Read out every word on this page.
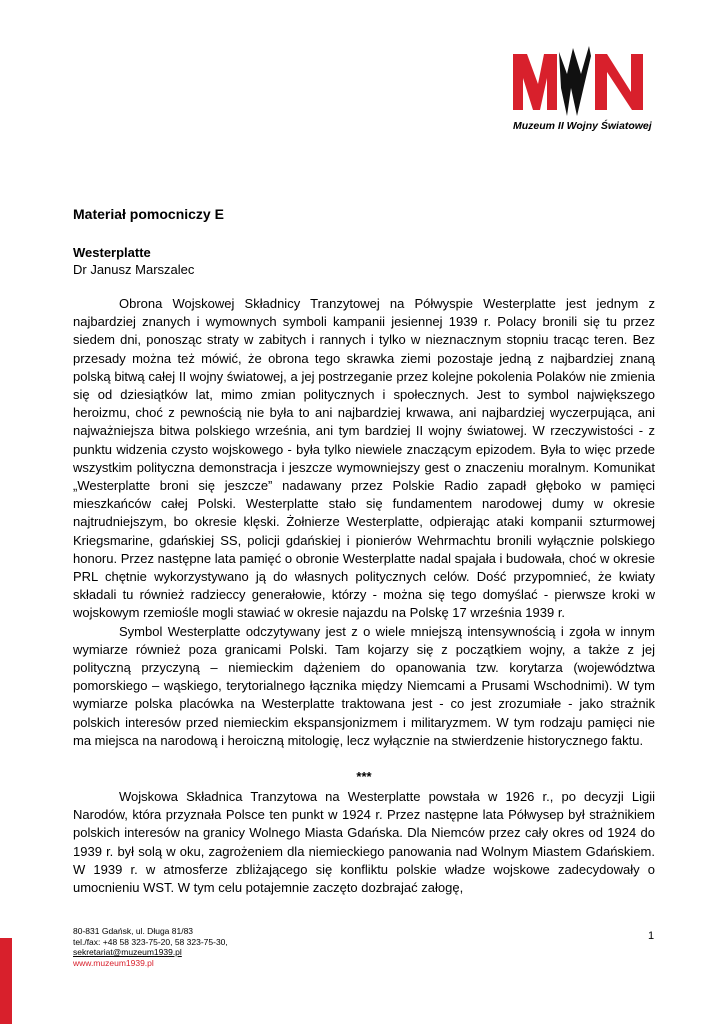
Muzeum II Wojny Światowej
Materiał pomocniczy E
Westerplatte
Dr Janusz Marszalec

Obrona Wojskowej Składnicy Tranzytowej na Półwyspie Westerplatte jest jednym z najbardziej znanych i wymownych symboli kampanii jesiennej 1939 r. Polacy bronili się tu przez siedem dni, ponosząc straty w zabitych i rannych i tylko w nieznacznym stopniu tracąc teren. Bez przesady można też mówić, że obrona tego skrawka ziemi pozostaje jedną z najbardziej znaną polską bitwą całej II wojny światowej, a jej postrzeganie przez kolejne pokolenia Polaków nie zmienia się od dziesiątków lat, mimo zmian politycznych i społecznych. Jest to symbol największego heroizmu, choć z pewnością nie była to ani najbardziej krwawa, ani najbardziej wyczerpująca, ani najważniejsza bitwa polskiego września, ani tym bardziej II wojny światowej. W rzeczywistości - z punktu widzenia czysto wojskowego - była tylko niewiele znaczącym epizodem. Była to więc przede wszystkim polityczna demonstracja i jeszcze wymowniejszy gest o znaczeniu moralnym. Komunikat „Westerplatte broni się jeszcze” nadawany przez Polskie Radio zapadł głęboko w pamięci mieszkańców całej Polski. Westerplatte stało się fundamentem narodowej dumy w okresie najtrudniejszym, bo okresie klęski. Żołnierze Westerplatte, odpierając ataki kompanii szturmowej Kriegsmarine, gdańskiej SS, policji gdańskiej i pionierów Wehrmachtu bronili wyłącznie polskiego honoru. Przez następne lata pamięć o obronie Westerplatte nadal spajała i budowała, choć w okresie PRL chętnie wykorzystywano ją do własnych politycznych celów. Dość przypomnieć, że kwiaty składali tu również radzieccy generałowie, którzy - można się tego domyślać - pierwsze kroki w wojskowym rzemiośle mogli stawiać w okresie najazdu na Polskę 17 września 1939 r.

Symbol Westerplatte odczytywany jest z o wiele mniejszą intensywnością i zgoła w innym wymiarze również poza granicami Polski. Tam kojarzy się z początkiem wojny, a także z jej polityczną przyczyną – niemieckim dążeniem do opanowania tzw. korytarza (województwa pomorskiego – wąskiego, terytorialnego łącznika między Niemcami a Prusami Wschodnimi). W tym wymiarze polska placówka na Westerplatte traktowana jest - co jest zrozumiałe - jako strażnik polskich interesów przed niemieckim ekspansjonizmem i militaryzmem. W tym rodzaju pamięci nie ma miejsca na narodową i heroiczną mitologię, lecz wyłącznie na stwierdzenie historycznego faktu.

***

Wojskowa Składnica Tranzytowa na Westerplatte powstała w 1926 r., po decyzji Ligii Narodów, która przyznała Polsce ten punkt w 1924 r. Przez następne lata Półwysep był strażnikiem polskich interesów na granicy Wolnego Miasta Gdańska. Dla Niemców przez cały okres od 1924 do 1939 r. był solą w oku, zagrożeniem dla niemieckiego panowania nad Wolnym Miastem Gdańskiem. W 1939 r. w atmosferze zbliżającego się konfliktu polskie władze wojskowe zadecydowały o umocnieniu WST. W tym celu potajemnie zaczęto dozbrajać załogę,

80-831 Gdańsk, ul. Długa 81/83
tel./fax: +48 58 323-75-20, 58 323-75-30,
sekretariat@muzeum1939.pl
www.muzeum1939.pl
1
